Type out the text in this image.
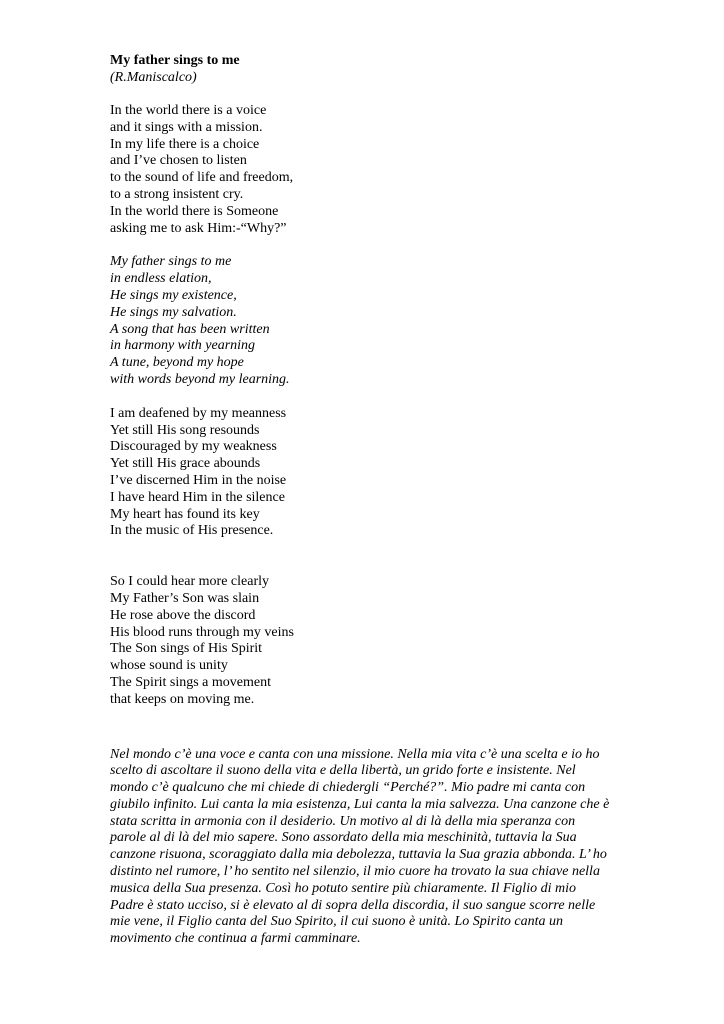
My father sings to me

(R.Maniscalco)

In the world there is a voice
and it sings with a mission.
In my life there is a choice
and I’ve chosen to listen
to the sound of life and freedom,
to a strong insistent cry.
In the world there is Someone
asking me to ask Him:-“Why?”
My father sings to me
in endless elation,
He sings my existence,
He sings my salvation.
A song that has been written
in harmony with yearning
A tune, beyond my hope
with words beyond my learning.
I am deafened by my meanness
Yet still His song resounds
Discouraged by my weakness
Yet still His grace abounds
I’ve discerned Him in the noise
I have heard Him in the silence
My heart has found its key
In the music of His presence.
So I could hear more clearly
My Father’s Son was slain
He rose above the discord
His blood runs through my veins
The Son sings of His Spirit
whose sound is unity
The Spirit sings a movement
that keeps on moving me.

Nel mondo c’è una voce e canta con una missione. Nella mia vita c’è una scelta e io ho scelto di ascoltare il suono della vita e della libertà, un grido forte e insistente. Nel mondo c’è qualcuno che mi chiede di chiedergli “Perché?”. Mio padre mi canta con giubilo infinito. Lui canta la mia esistenza, Lui canta la mia salvezza. Una canzone che è stata scritta in armonia con il desiderio. Un motivo al di là della mia speranza con parole al di là del mio sapere. Sono assordato della mia meschinità, tuttavia la Sua canzone risuona, scoraggiato dalla mia debolezza, tuttavia la Sua grazia abbonda. L’ ho distinto nel rumore, l’ ho sentito nel silenzio, il mio cuore ha trovato la sua chiave nella musica della Sua presenza. Così ho potuto sentire più chiaramente. Il Figlio di mio Padre è stato ucciso, si è elevato al di sopra della discordia, il suo sangue scorre nelle mie vene, il Figlio canta del Suo Spirito, il cui suono è unità. Lo Spirito canta un movimento che continua a farmi camminare.
